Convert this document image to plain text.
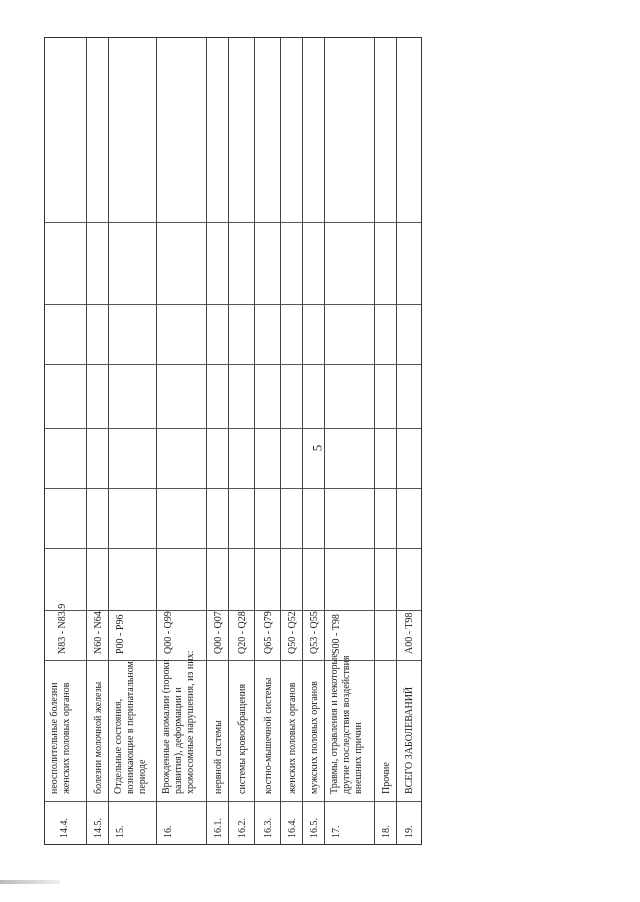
5
14.4.
неосполительные болезни женских половых органов
N83 - N83.9
14.5.
болезни молочной железы
N60 - N64
15.
Отдельные состояния, возникающие в перинатальном периоде
P00 - P96
16.
Врожденные аномалии (пороки развития), деформации и хромосомные нарушения, из них:
Q00 - Q99
16.1.
нервной системы
Q00 - Q07
16.2.
системы кровообращения
Q20 - Q28
16.3.
костно-мышечной системы
Q65 - Q79
16.4.
женских половых органов
Q50 - Q52
16.5.
мужских половых органов
Q53 - Q55
17.
Травмы, отравления и некоторые другие последствия воздействия внешних причин
S00 - T98
18.
Прочие
19.
ВСЕГО ЗАБОЛЕВАНИЙ
A00 - T98
